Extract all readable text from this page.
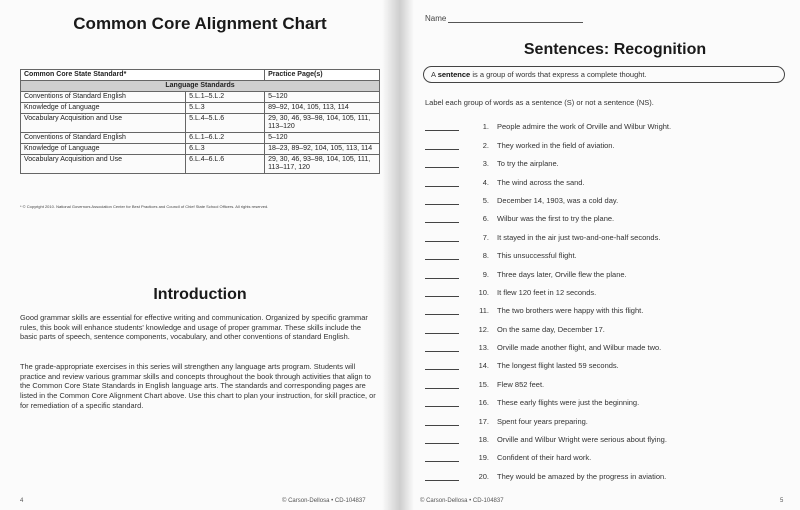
Common Core Alignment Chart
Common Core State Standard*		Practice Page(s)
Language Standards		
Conventions of Standard English	5.L.1–5.L.2	5–120
Knowledge of Language	5.L.3	89–92, 104, 105, 113, 114
Vocabulary Acquisition and Use	5.L.4–5.L.6	29, 30, 46, 93–98, 104, 105, 111, 113–120
Conventions of Standard English	6.L.1–6.L.2	5–120
Knowledge of Language	6.L.3	18–23, 89–92, 104, 105, 113, 114
Vocabulary Acquisition and Use	6.L.4–6.L.6	29, 30, 46, 93–98, 104, 105, 111, 113–117, 120
* © Copyright 2010. National Governors Association Center for Best Practices and Council of Chief State School Officers. All rights reserved.
Introduction

Good grammar skills are essential for effective writing and communication. Organized by specific grammar rules, this book will enhance students' knowledge and usage of proper grammar. These skills include the basic parts of speech, sentence components, vocabulary, and other conventions of standard English.

The grade-appropriate exercises in this series will strengthen any language arts program. Students will practice and review various grammar skills and concepts throughout the book through activities that align to the Common Core State Standards in English language arts. The standards and corresponding pages are listed in the Common Core Alignment Chart above. Use this chart to plan your instruction, for skill practice, or for remediation of a specific standard.

4	© Carson-Dellosa • CD-104837
Name
Sentences: Recognition
A sentence is a group of words that express a complete thought.
Label each group of words as a sentence (S) or not a sentence (NS).
1. People admire the work of Orville and Wilbur Wright.
2. They worked in the field of aviation.
3. To try the airplane.
4. The wind across the sand.
5. December 14, 1903, was a cold day.
6. Wilbur was the first to try the plane.
7. It stayed in the air just two-and-one-half seconds.
8. This unsuccessful flight.
9. Three days later, Orville flew the plane.
10. It flew 120 feet in 12 seconds.
11. The two brothers were happy with this flight.
12. On the same day, December 17.
13. Orville made another flight, and Wilbur made two.
14. The longest flight lasted 59 seconds.
15. Flew 852 feet.
16. These early flights were just the beginning.
17. Spent four years preparing.
18. Orville and Wilbur Wright were serious about flying.
19. Confident of their hard work.
20. They would be amazed by the progress in aviation.
© Carson-Dellosa • CD-104837	5
